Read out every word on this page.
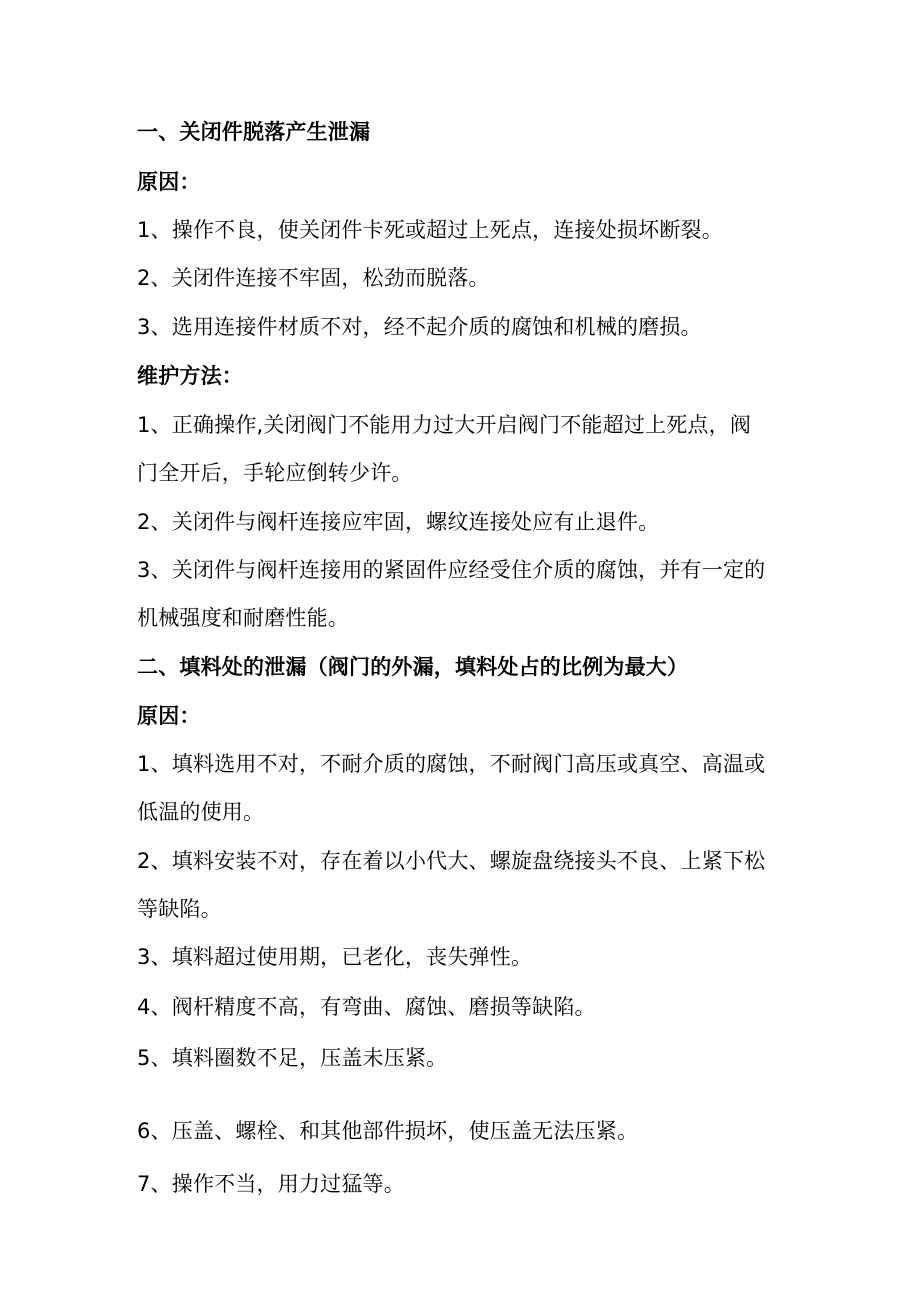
一、关闭件脱落产生泄漏
原因：
1、操作不良，使关闭件卡死或超过上死点，连接处损坏断裂。
2、关闭件连接不牢固，松劲而脱落。
3、选用连接件材质不对，经不起介质的腐蚀和机械的磨损。
维护方法：
1、正确操作,关闭阀门不能用力过大开启阀门不能超过上死点，阀
门全开后，手轮应倒转少许。
2、关闭件与阀杆连接应牢固，螺纹连接处应有止退件。
3、关闭件与阀杆连接用的紧固件应经受住介质的腐蚀，并有一定的
机械强度和耐磨性能。
二、填料处的泄漏（阀门的外漏，填料处占的比例为最大）
原因：
1、填料选用不对，不耐介质的腐蚀，不耐阀门高压或真空、高温或
低温的使用。
2、填料安装不对，存在着以小代大、螺旋盘绕接头不良、上紧下松
等缺陷。
3、填料超过使用期，已老化，丧失弹性。
4、阀杆精度不高，有弯曲、腐蚀、磨损等缺陷。
5、填料圈数不足，压盖未压紧。
6、压盖、螺栓、和其他部件损坏，使压盖无法压紧。
7、操作不当，用力过猛等。
